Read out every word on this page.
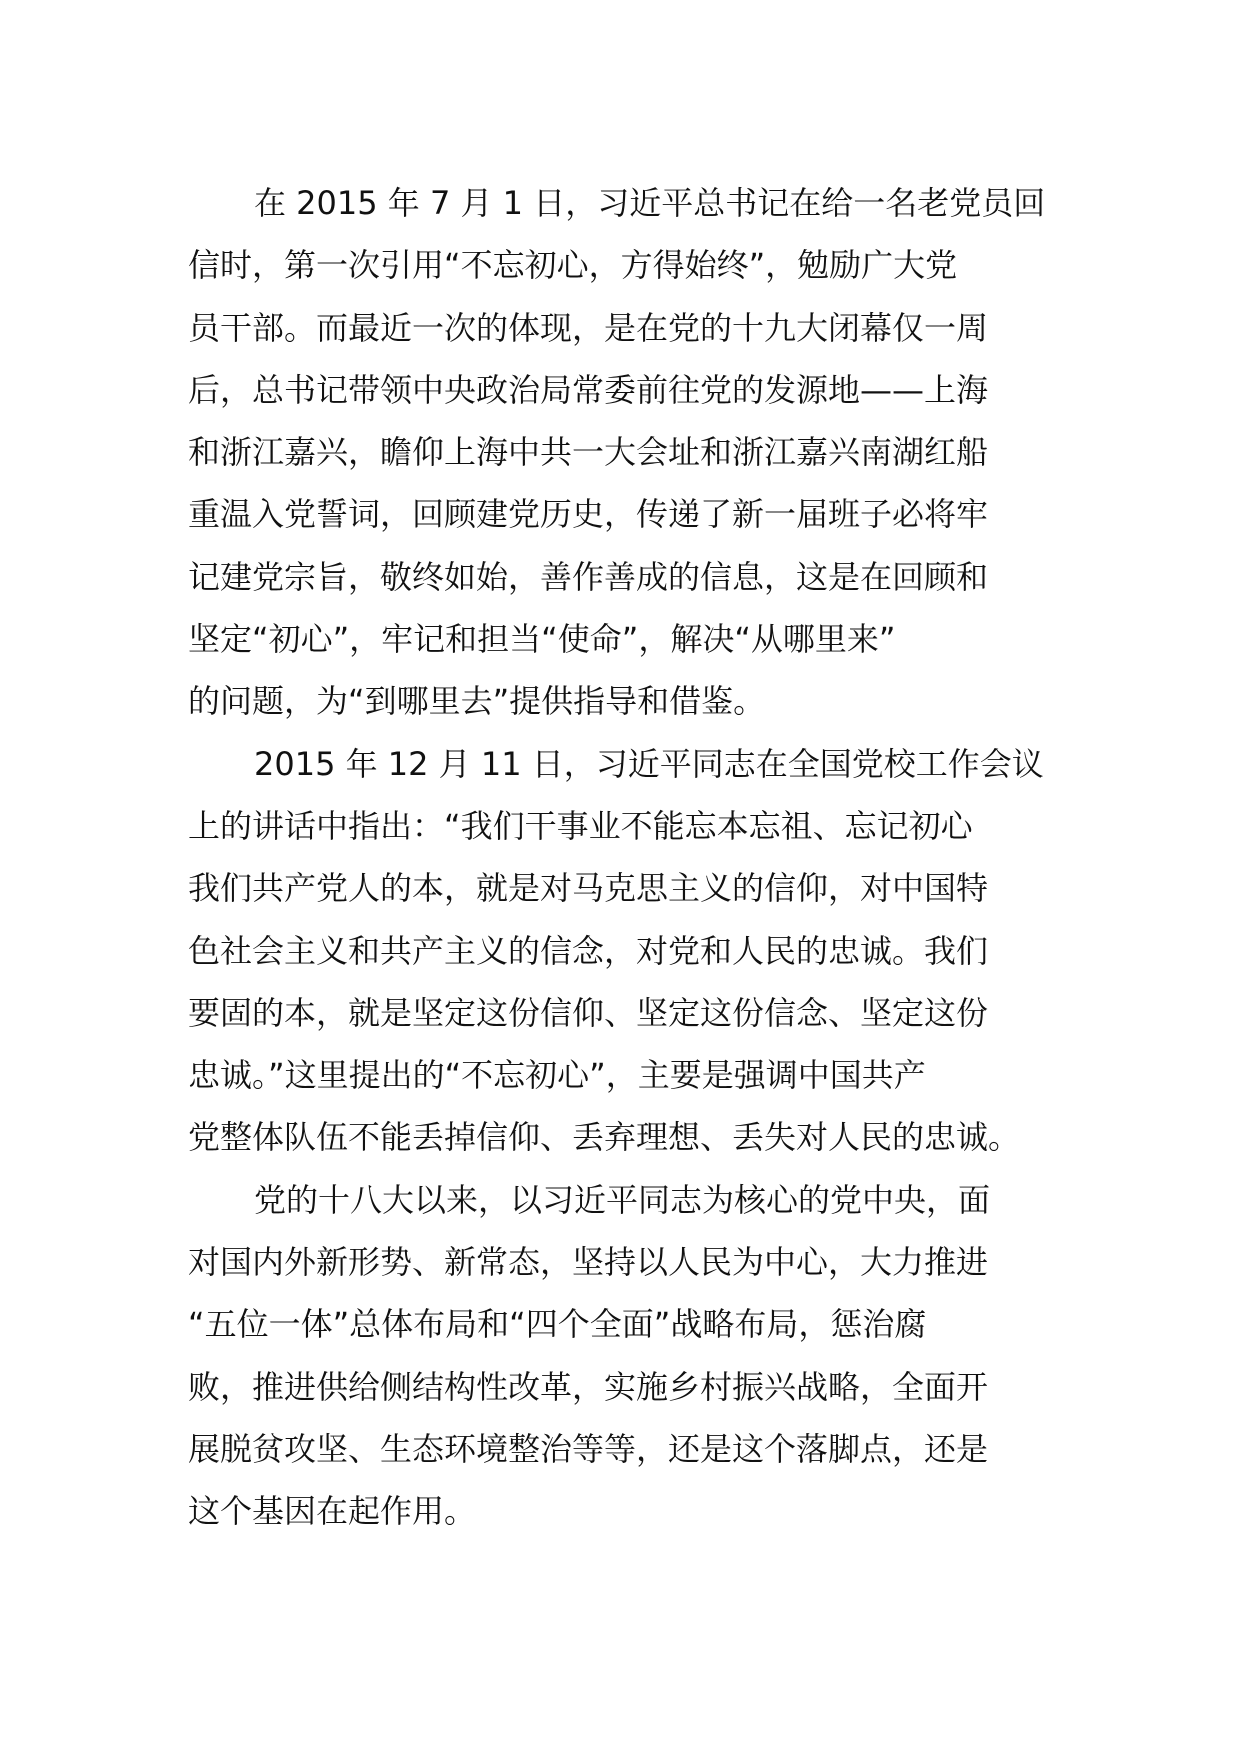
在 2015 年 7 月 1 日，习近平总书记在给一名老党员回
信时，第一次引用“不忘初心，方得始终”，勉励广大党
员干部。而最近一次的体现，是在党的十九大闭幕仅一周
后，总书记带领中央政治局常委前往党的发源地——上海
和浙江嘉兴，瞻仰上海中共一大会址和浙江嘉兴南湖红船
重温入党誓词，回顾建党历史，传递了新一届班子必将牢
记建党宗旨，敬终如始，善作善成的信息，这是在回顾和
坚定“初心”，牢记和担当“使命”，解决“从哪里来”
的问题，为“到哪里去”提供指导和借鉴。
2015 年 12 月 11 日，习近平同志在全国党校工作会议
上的讲话中指出：“我们干事业不能忘本忘祖、忘记初心
我们共产党人的本，就是对马克思主义的信仰，对中国特
色社会主义和共产主义的信念，对党和人民的忠诚。我们
要固的本，就是坚定这份信仰、坚定这份信念、坚定这份
忠诚。”这里提出的“不忘初心”，主要是强调中国共产
党整体队伍不能丢掉信仰、丢弃理想、丢失对人民的忠诚。
党的十八大以来，以习近平同志为核心的党中央，面
对国内外新形势、新常态，坚持以人民为中心，大力推进
“五位一体”总体布局和“四个全面”战略布局，惩治腐
败，推进供给侧结构性改革，实施乡村振兴战略，全面开
展脱贫攻坚、生态环境整治等等，还是这个落脚点，还是
这个基因在起作用。
